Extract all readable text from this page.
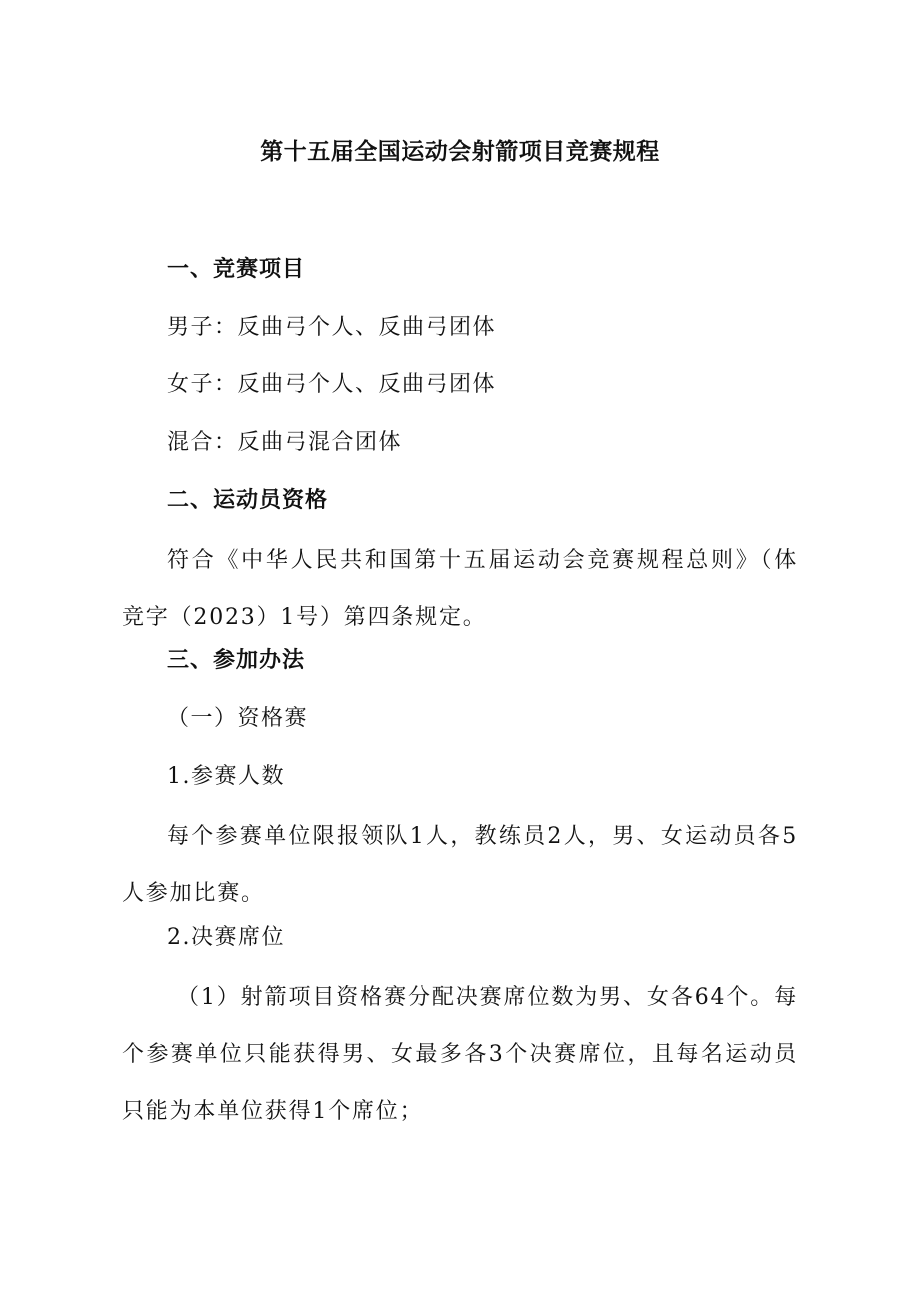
第十五届全国运动会射箭项目竞赛规程
一、竞赛项目
男子：反曲弓个人、反曲弓团体
女子：反曲弓个人、反曲弓团体
混合：反曲弓混合团体
二、运动员资格
符合《中华人民共和国第十五届运动会竞赛规程总则》（体竞字（2023）1号）第四条规定。
三、参加办法
（一）资格赛
1.参赛人数
每个参赛单位限报领队1人，教练员2人，男、女运动员各5人参加比赛。
2.决赛席位
（1）射箭项目资格赛分配决赛席位数为男、女各64个。每个参赛单位只能获得男、女最多各3个决赛席位，且每名运动员只能为本单位获得1个席位；
